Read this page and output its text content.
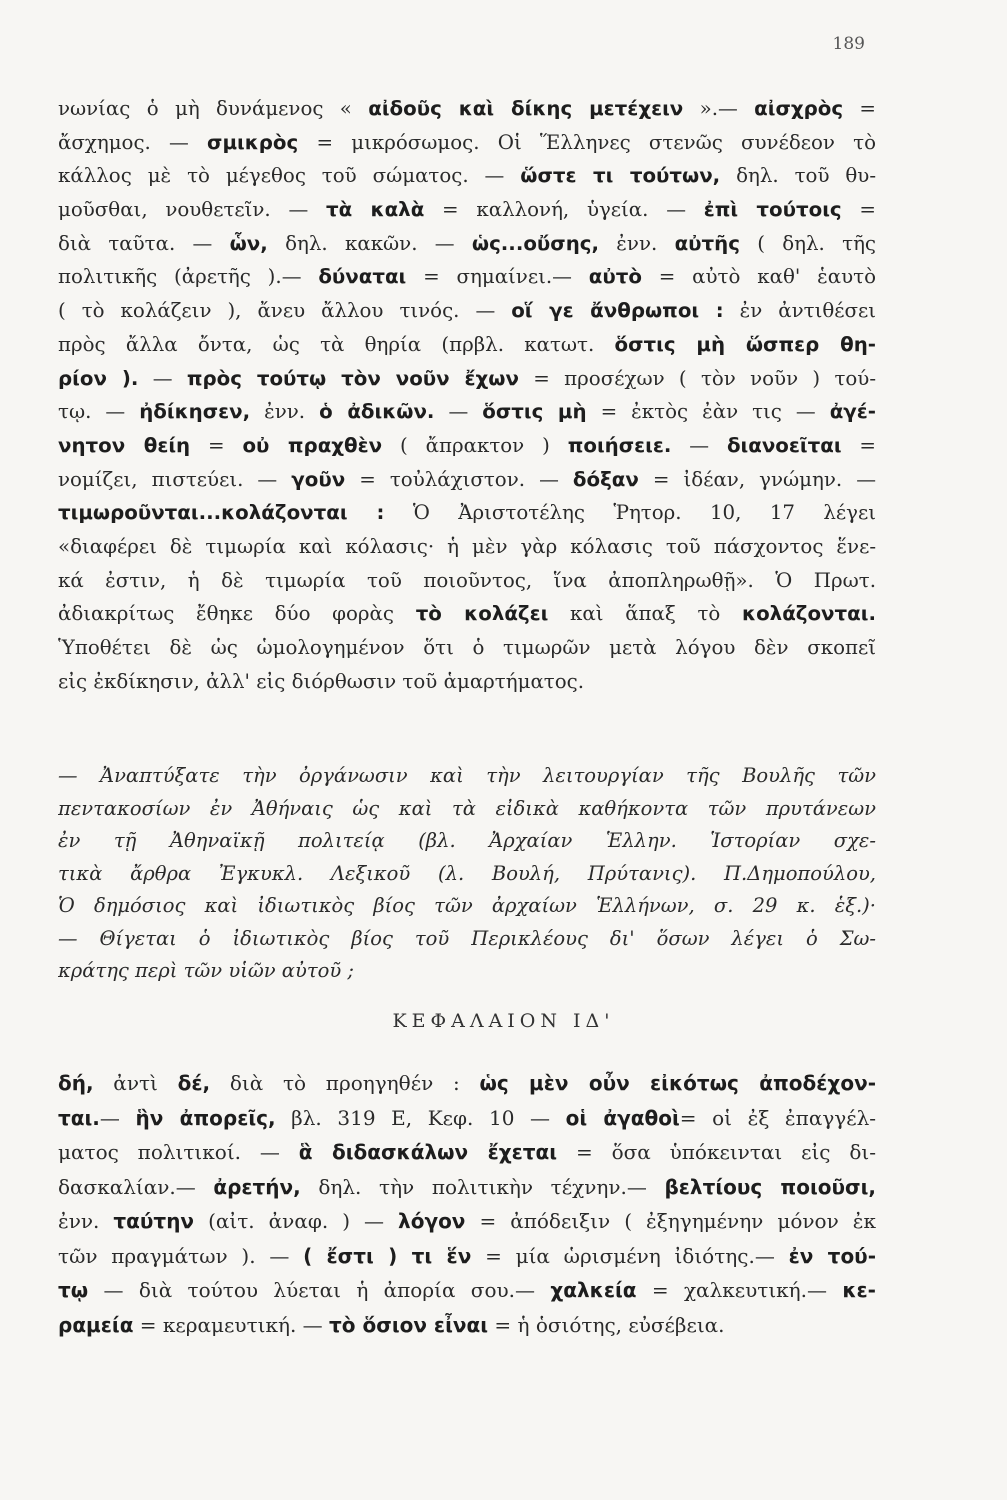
189
νωνίας ὁ μὴ δυνάμενος « αἰδοῦς καὶ δίκης μετέχειν ».— αἰσχρὸς =
ἄσχημος. — σμικρὸς = μικρόσωμος. Οἱ Ἕλληνες στενῶς συνέδεον τὸ
κάλλος μὲ τὸ μέγεθος τοῦ σώματος. — ὥστε τι τούτων, δηλ. τοῦ θυ-
μοῦσθαι, νουθετεῖν. — τὰ καλὰ = καλλονή, ὑγεία. — ἐπὶ τούτοις =
διὰ ταῦτα. — ὧν, δηλ. κακῶν. — ὡς...οὔσης, ἐνν. αὐτῆς ( δηλ. τῆς
πολιτικῆς (ἀρετῆς ).— δύναται = σημαίνει.— αὐτὸ = αὐτὸ καθ' ἑαυτὸ
( τὸ κολάζειν ), ἄνευ ἄλλου τινός. — οἵ γε ἄνθρωποι : ἐν ἀντιθέσει
πρὸς ἄλλα ὄντα, ὡς τὰ θηρία (πρβλ. κατωτ. ὅστις μὴ ὥσπερ θη-
ρίον ). — πρὸς τούτῳ τὸν νοῦν ἔχων = προσέχων ( τὸν νοῦν ) τού-
τῳ. — ἠδίκησεν, ἐνν. ὁ ἀδικῶν. — ὅστις μὴ = ἐκτὸς ἐὰν τις — ἀγέ-
νητον θείη = οὐ πραχθὲν ( ἄπρακτον ) ποιήσειε. — διανοεῖται =
νομίζει, πιστεύει. — γοῦν = τοὐλάχιστον. — δόξαν = ἰδέαν, γνώμην. —
τιμωροῦνται...κολάζονται : Ὁ Ἀριστοτέλης Ῥητορ. 10, 17 λέγει
«διαφέρει δὲ τιμωρία καὶ κόλασις· ἡ μὲν γὰρ κόλασις τοῦ πάσχοντος ἕνε-
κά ἐστιν, ἡ δὲ τιμωρία τοῦ ποιοῦντος, ἵνα ἀποπληρωθῇ». Ὁ Πρωτ.
ἀδιακρίτως ἔθηκε δύο φορὰς τὸ κολάζει καὶ ἅπαξ τὸ κολάζονται.
Ὑποθέτει δὲ ὡς ὡμολογημένον ὅτι ὁ τιμωρῶν μετὰ λόγου δὲν σκοπεῖ
εἰς ἐκδίκησιν, ἀλλ' εἰς διόρθωσιν τοῦ ἁμαρτήματος.
— Ἀναπτύξατε τὴν ὀργάνωσιν καὶ τὴν λειτουργίαν τῆς Βουλῆς τῶν
πεντακοσίων ἐν Ἀθήναις ὡς καὶ τὰ εἰδικὰ καθήκοντα τῶν πρυτάνεων
ἐν τῇ Ἀθηναϊκῇ πολιτείᾳ (βλ. Ἀρχαίαν Ἑλλην. Ἱστορίαν σχε-
τικὰ ἄρθρα Ἐγκυκλ. Λεξικοῦ (λ. Βουλή, Πρύτανις). Π.Δημοπούλου,
Ὁ δημόσιος καὶ ἰδιωτικὸς βίος τῶν ἀρχαίων Ἑλλήνων, σ. 29 κ. ἑξ.)·
— Θίγεται ὁ ἰδιωτικὸς βίος τοῦ Περικλέους δι' ὅσων λέγει ὁ Σω-
κράτης περὶ τῶν υἱῶν αὐτοῦ ;
ΚΕΦΑΛΑΙΟΝ ΙΔ'
δή, ἀντὶ δέ, διὰ τὸ προηγηθέν : ὡς μὲν οὖν εἰκότως ἀποδέχον-
ται.— ἣν ἀπορεῖς, βλ. 319 Ε, Κεφ. 10 — οἱ ἀγαθοὶ= οἱ ἐξ ἐπαγγέλ-
ματος πολιτικοί. — ἃ διδασκάλων ἔχεται = ὅσα ὑπόκεινται εἰς δι-
δασκαλίαν.— ἀρετήν, δηλ. τὴν πολιτικὴν τέχνην.— βελτίους ποιοῦσι,
ἐνν. ταύτην (αἰτ. ἀναφ. ) — λόγον = ἀπόδειξιν ( ἐξηγημένην μόνον ἐκ
τῶν πραγμάτων ). — ( ἔστι ) τι ἕν = μία ὡρισμένη ἰδιότης.— ἐν τού-
τῳ — διὰ τούτου λύεται ἡ ἀπορία σου.— χαλκεία = χαλκευτική.— κε-
ραμεία = κεραμευτική. — τὸ ὅσιον εἶναι = ἡ ὁσιότης, εὐσέβεια.
